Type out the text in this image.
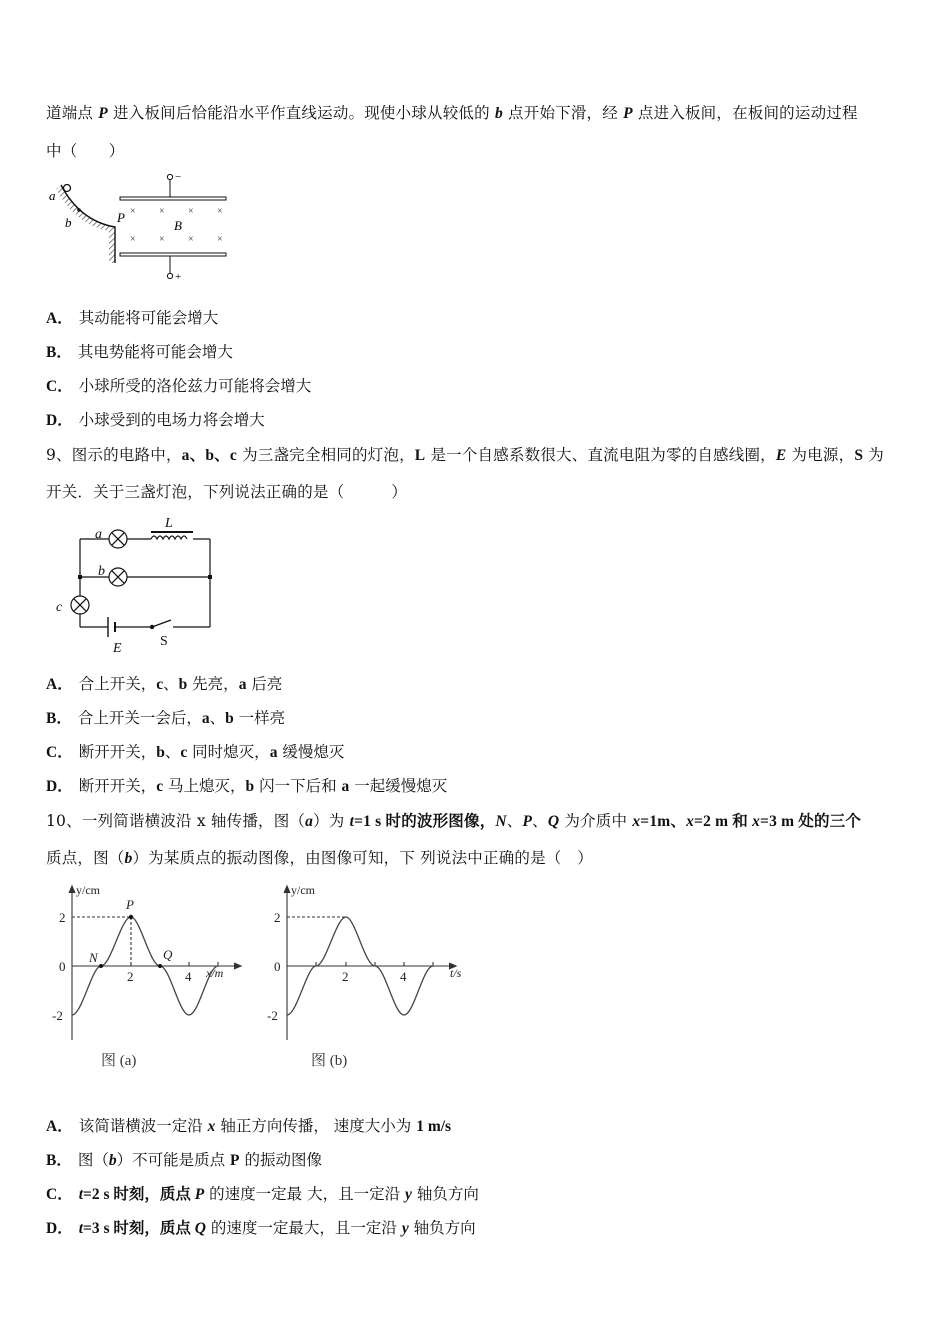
道端点 P 进入板间后恰能沿水平作直线运动。现使小球从较低的 b 点开始下滑，经 P 点进入板间，在板间的运动过程
中（　　）
a
b	P
−
+
× × × ×
× × × ×
B
A． 其动能将可能会增大
B． 其电势能将可能会增大
C． 小球所受的洛伦兹力可能将会增大
D． 小球受到的电场力将会增大
9、图示的电路中，a、b、c 为三盏完全相同的灯泡，L 是一个自感系数很大、直流电阻为零的自感线圈，E 为电源，S 为
开关．关于三盏灯泡，下列说法正确的是（　　　）
a
b
c
L
E	S
A． 合上开关，c、b 先亮，a 后亮
B． 合上开关一会后，a、b 一样亮
C． 断开开关，b、c 同时熄灭，a 缓慢熄灭
D． 断开开关，c 马上熄灭，b 闪一下后和 a 一起缓慢熄灭
10、一列简谐横波沿 x 轴传播，图（a）为 t=1 s 时的波形图像，N、P、Q 为介质中 x=1m、x=2 m 和 x=3 m 处的三个
质点，图（b）为某质点的振动图像，由图像可知，下 列说法中正确的是（　）
y/cm
x/m
2
0
-2
2	4
P
N	Q
图 (a)
y/cm
t/s
2
0
-2
2	4
图 (b)
A． 该简谐横波一定沿 x 轴正方向传播， 速度大小为 1 m/s
B． 图（b）不可能是质点 P 的振动图像
C． t=2 s 时刻，质点 P 的速度一定最 大，且一定沿 y 轴负方向
D． t=3 s 时刻，质点 Q 的速度一定最大，且一定沿 y 轴负方向
